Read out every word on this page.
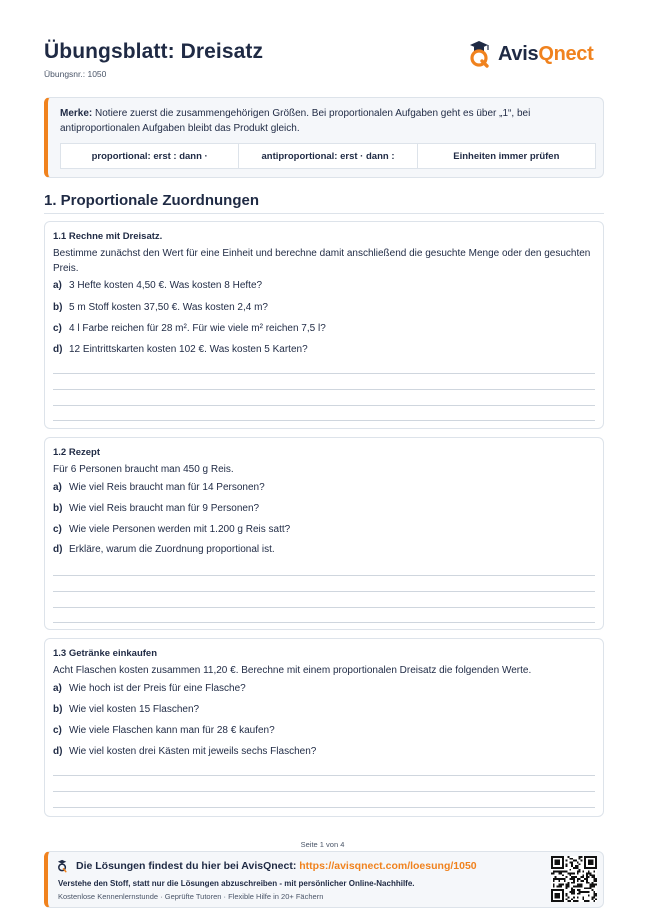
Übungsblatt: Dreisatz
Übungsnr.: 1050
AvisQnect
Merke: Notiere zuerst die zusammengehörigen Größen. Bei proportionalen Aufgaben geht es über „1“, bei antiproportionalen Aufgaben bleibt das Produkt gleich.
proportional: erst : dann ·	antiproportional: erst · dann :	Einheiten immer prüfen
1. Proportionale Zuordnungen
1.1 Rechne mit Dreisatz.
Bestimme zunächst den Wert für eine Einheit und berechne damit anschließend die gesuchte Menge oder den gesuchten Preis.
a) 3 Hefte kosten 4,50 €. Was kosten 8 Hefte?
b) 5 m Stoff kosten 37,50 €. Was kosten 2,4 m?
c) 4 l Farbe reichen für 28 m². Für wie viele m² reichen 7,5 l?
d) 12 Eintrittskarten kosten 102 €. Was kosten 5 Karten?
1.2 Rezept
Für 6 Personen braucht man 450 g Reis.
a) Wie viel Reis braucht man für 14 Personen?
b) Wie viel Reis braucht man für 9 Personen?
c) Wie viele Personen werden mit 1.200 g Reis satt?
d) Erkläre, warum die Zuordnung proportional ist.
1.3 Getränke einkaufen
Acht Flaschen kosten zusammen 11,20 €. Berechne mit einem proportionalen Dreisatz die folgenden Werte.
a) Wie hoch ist der Preis für eine Flasche?
b) Wie viel kosten 15 Flaschen?
c) Wie viele Flaschen kann man für 28 € kaufen?
d) Wie viel kosten drei Kästen mit jeweils sechs Flaschen?
Seite 1 von 4
Die Lösungen findest du hier bei AvisQnect: https://avisqnect.com/loesung/1050
Verstehe den Stoff, statt nur die Lösungen abzuschreiben - mit persönlicher Online-Nachhilfe.
Kostenlose Kennenlernstunde · Geprüfte Tutoren · Flexible Hilfe in 20+ Fächern
